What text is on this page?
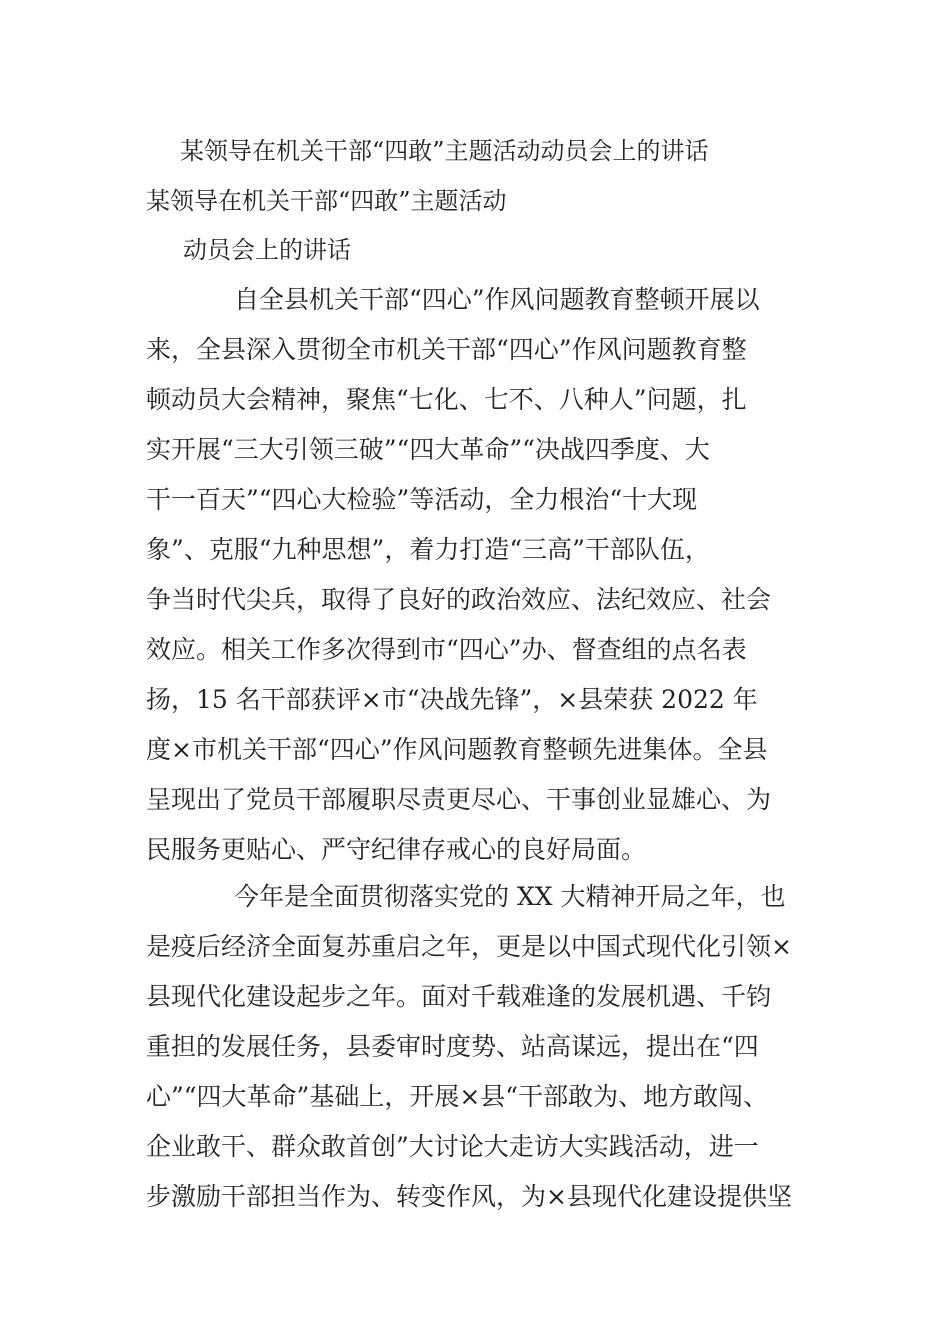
某领导在机关干部“四敢”主题活动动员会上的讲话
某领导在机关干部“四敢”主题活动
动员会上的讲话
自全县机关干部“四心”作风问题教育整顿开展以
来，全县深入贯彻全市机关干部“四心”作风问题教育整
顿动员大会精神，聚焦“七化、七不、八种人”问题，扎
实开展“三大引领三破”“四大革命”“决战四季度、大
干一百天”“四心大检验”等活动，全力根治“十大现
象”、克服“九种思想”，着力打造“三高”干部队伍，
争当时代尖兵，取得了良好的政治效应、法纪效应、社会
效应。相关工作多次得到市“四心”办、督查组的点名表
扬，15 名干部获评×市“决战先锋”，×县荣获 2022 年
度×市机关干部“四心”作风问题教育整顿先进集体。全县
呈现出了党员干部履职尽责更尽心、干事创业显雄心、为
民服务更贴心、严守纪律存戒心的良好局面。
今年是全面贯彻落实党的 XX 大精神开局之年，也
是疫后经济全面复苏重启之年，更是以中国式现代化引领×
县现代化建设起步之年。面对千载难逢的发展机遇、千钧
重担的发展任务，县委审时度势、站高谋远，提出在“四
心”“四大革命”基础上，开展×县“干部敢为、地方敢闯、
企业敢干、群众敢首创”大讨论大走访大实践活动，进一
步激励干部担当作为、转变作风，为×县现代化建设提供坚
